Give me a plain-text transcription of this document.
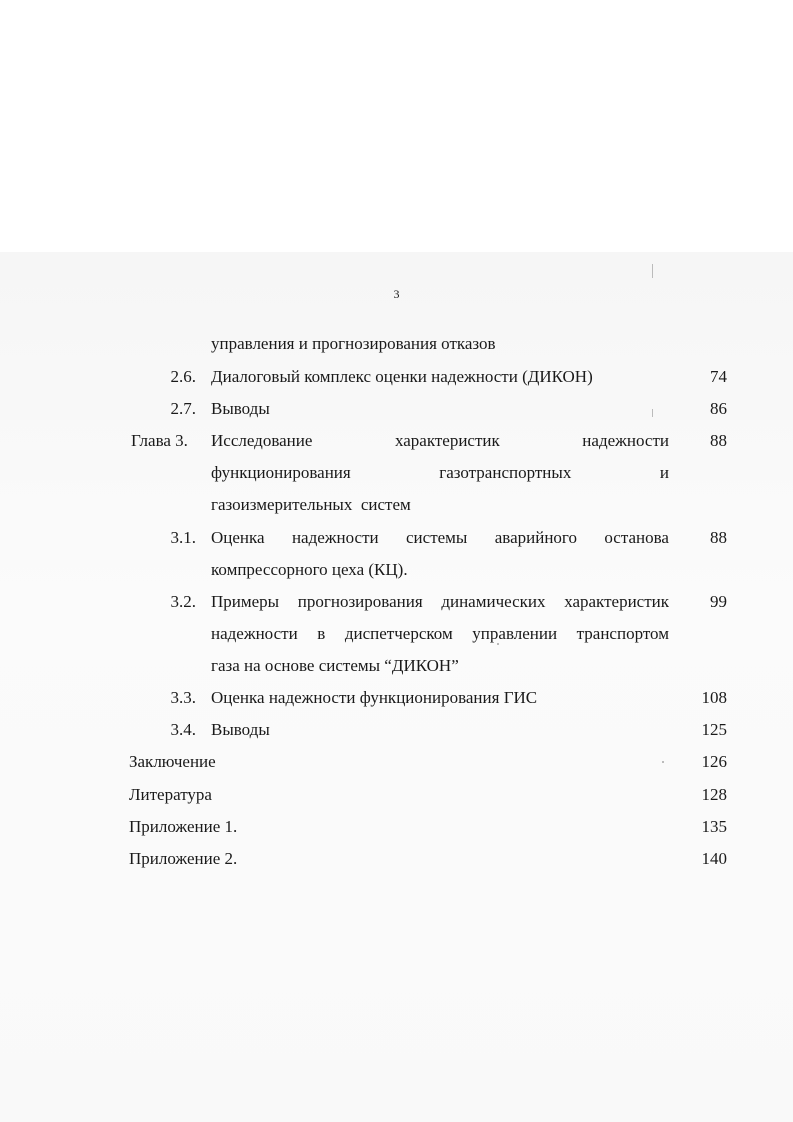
3
управления и прогнозирования отказов
2.6. Диалоговый комплекс оценки надежности (ДИКОН)	74
2.7. Выводы	86
Глава 3. Исследование	характеристик	надежности	88
функционирования	газотранспортных	и
газоизмерительных  систем
3.1. Оценка надежности системы аварийного останова	88
компрессорного цеха (КЦ).
3.2. Примеры прогнозирования динамических характеристик	99
надежности в диспетчерском управлении транспортом
газа на основе системы “ДИКОН”
3.3. Оценка надежности функционирования ГИС	108
3.4. Выводы	125
Заключение	126
Литература	128
Приложение 1.	135
Приложение 2.	140
